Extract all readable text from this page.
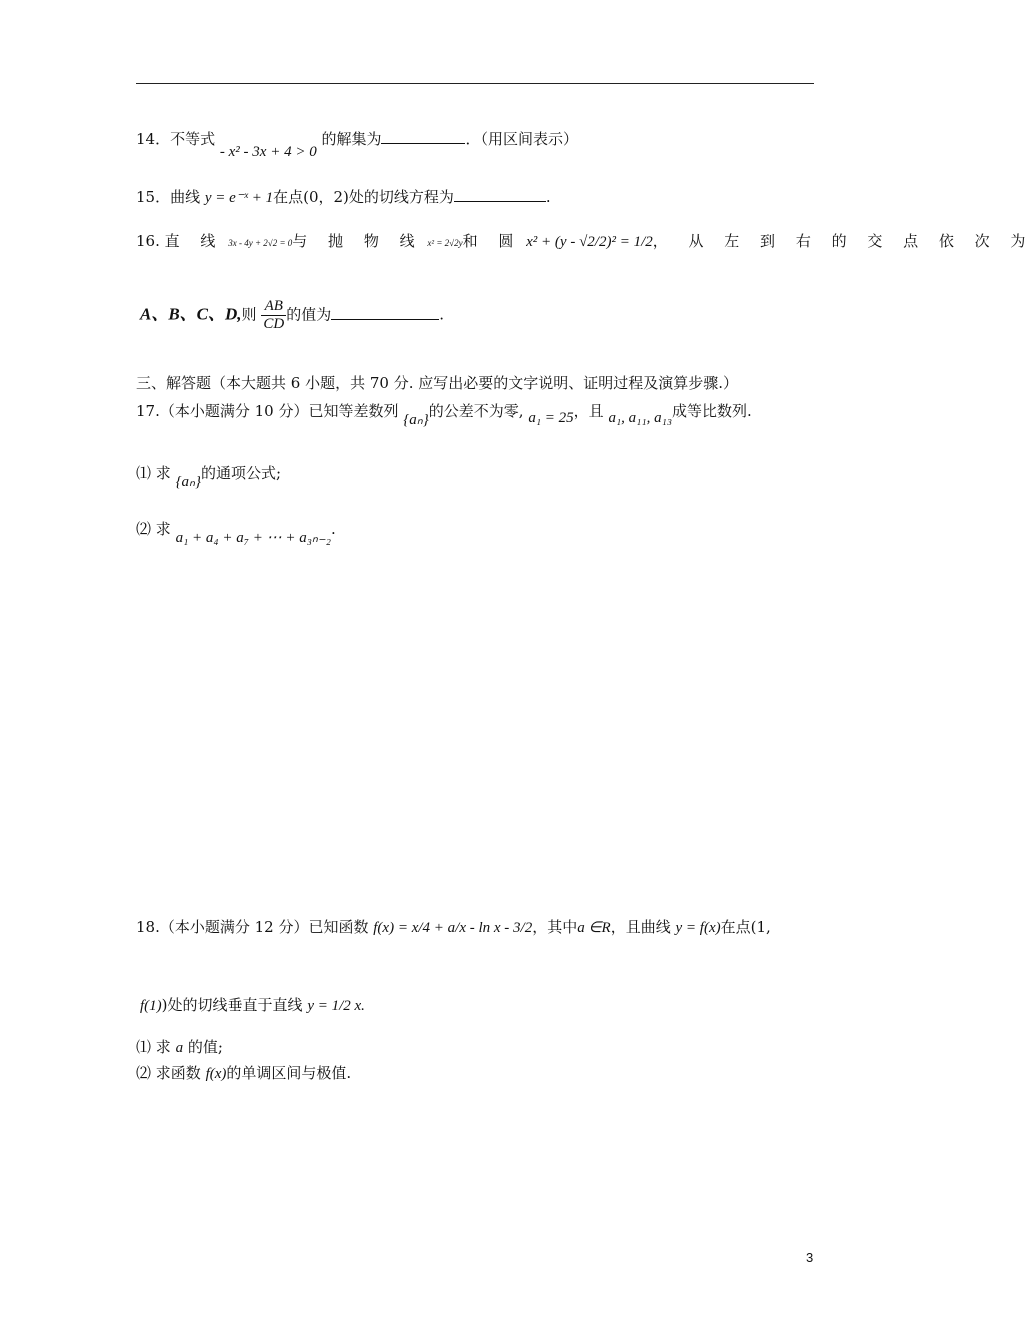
14．不等式 - x² - 3x + 4 > 0 的解集为	．（用区间表示）
15．曲线 y = e⁻ˣ + 1在点(0，2)处的切线方程为	.
16. 直 线 3x - 4y + 2√2 = 0与 抛 物 线 x² = 2√2y和 圆 x² + (y - √2/2)² = 1/2， 从 左 到 右 的 交 点 依 次 为
A、B、C、D,则 $\frac{AB}{CD}$ 的值为	.
三、解答题（本大题共 6 小题，共 70 分. 应写出必要的文字说明、证明过程及演算步骤.）
17.（本小题满分 10 分）已知等差数列 {aₙ}的公差不为零, a₁ = 25，且 a₁, a₁₁, a₁₃成等比数列.
⑴ 求 {aₙ}的通项公式;
⑵ 求 a₁ + a₄ + a₇ + ⋯ + a₃ₙ₋₂.
18.（本小题满分 12 分）已知函数 f(x) = x/4 + a/x - ln x - 3/2，其中a ∈R，且曲线 y = f(x)在点(1,
f(1))处的切线垂直于直线 y = 1/2 x.
⑴ 求 a 的值;
⑵ 求函数 f(x)的单调区间与极值.
3
